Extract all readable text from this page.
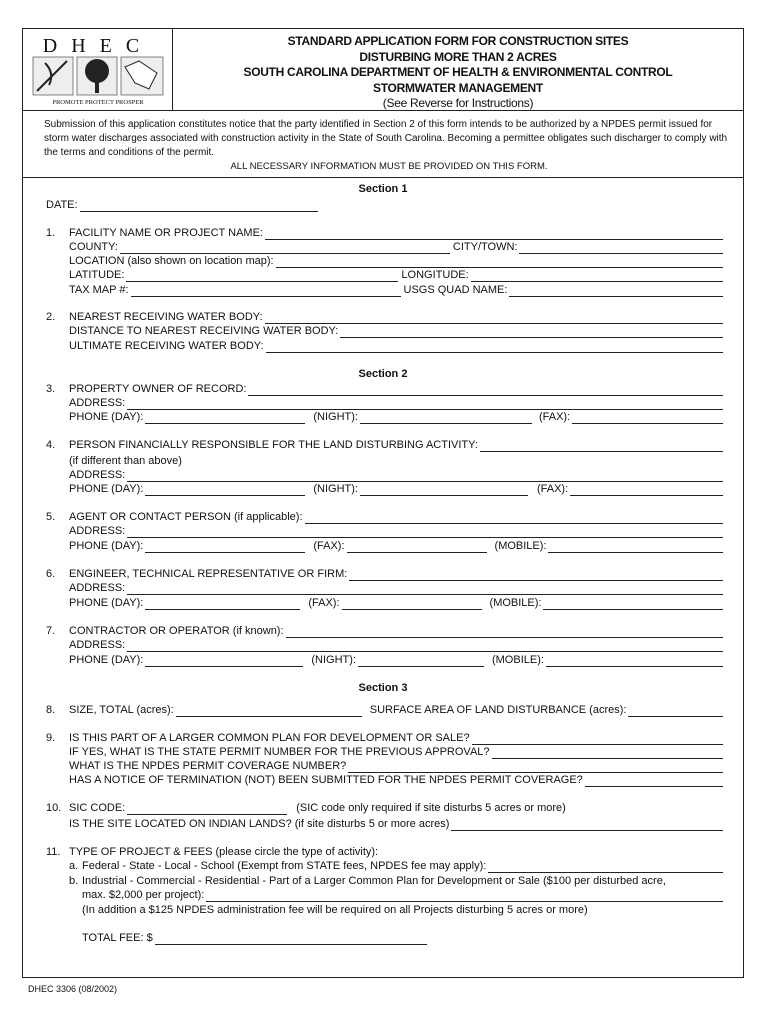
DHEC
PROMOTE PROTECT PROSPER
STANDARD APPLICATION FORM FOR CONSTRUCTION SITES
DISTURBING MORE THAN 2 ACRES
SOUTH CAROLINA DEPARTMENT OF HEALTH & ENVIRONMENTAL CONTROL
STORMWATER MANAGEMENT
(See Reverse for Instructions)
Submission of this application constitutes notice that the party identified in Section 2 of this form intends to be authorized by a NPDES permit issued for storm water discharges associated with construction activity in the State of South Carolina. Becoming a permittee obligates such discharger to comply with the terms and conditions of the permit.
ALL NECESSARY INFORMATION MUST BE PROVIDED ON THIS FORM.
Section 1
DATE:
1. FACILITY NAME OR PROJECT NAME:
COUNTY:	CITY/TOWN:
LOCATION (also shown on location map):
LATITUDE:	LONGITUDE:
TAX MAP #:	USGS QUAD NAME:
2. NEAREST RECEIVING WATER BODY:
DISTANCE TO NEAREST RECEIVING WATER BODY:
ULTIMATE RECEIVING WATER BODY:
Section 2
3. PROPERTY OWNER OF RECORD:
ADDRESS:
PHONE (DAY):	(NIGHT):	(FAX):
4. PERSON FINANCIALLY RESPONSIBLE FOR THE LAND DISTURBING ACTIVITY:
(if different than above)
ADDRESS:
PHONE (DAY):	(NIGHT):	(FAX):
5. AGENT OR CONTACT PERSON (if applicable):
ADDRESS:
PHONE (DAY):	(FAX):	(MOBILE):
6. ENGINEER, TECHNICAL REPRESENTATIVE OR FIRM:
ADDRESS:
PHONE (DAY):	(FAX):	(MOBILE):
7. CONTRACTOR OR OPERATOR (if known):
ADDRESS:
PHONE (DAY):	(NIGHT):	(MOBILE):
Section 3
8. SIZE, TOTAL (acres):	SURFACE AREA OF LAND DISTURBANCE (acres):
9. IS THIS PART OF A LARGER COMMON PLAN FOR DEVELOPMENT OR SALE?
IF YES, WHAT IS THE STATE PERMIT NUMBER FOR THE PREVIOUS APPROVAL?
WHAT IS THE NPDES PERMIT COVERAGE NUMBER?
HAS A NOTICE OF TERMINATION (NOT) BEEN SUBMITTED FOR THE NPDES PERMIT COVERAGE?
10. SIC CODE:	(SIC code only required if site disturbs 5 acres or more)
IS THE SITE LOCATED ON INDIAN LANDS? (if site disturbs 5 or more acres)
11. TYPE OF PROJECT & FEES (please circle the type of activity):
a. Federal - State - Local - School (Exempt from STATE fees, NPDES fee may apply):
b. Industrial - Commercial - Residential - Part of a Larger Common Plan for Development or Sale ($100 per disturbed acre,
max. $2,000 per project):
(In addition a $125 NPDES administration fee will be required on all Projects disturbing 5 acres or more)
TOTAL FEE: $
DHEC 3306 (08/2002)
